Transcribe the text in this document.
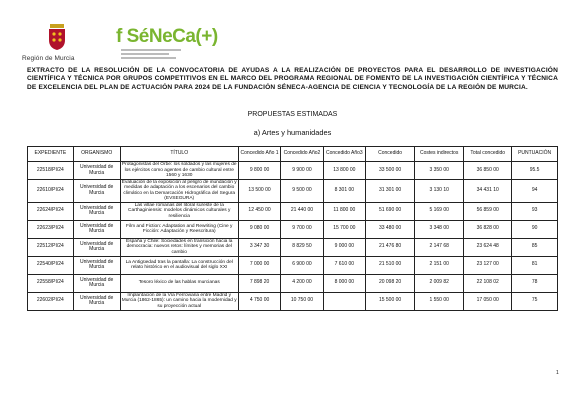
Región de Murcia
f SéNeCa(+)
EXTRACTO DE LA RESOLUCIÓN DE LA CONVOCATORIA DE AYUDAS A LA REALIZACIÓN DE PROYECTOS PARA EL DESARROLLO DE INVESTIGACIÓN CIENTÍFICA Y TÉCNICA POR GRUPOS COMPETITIVOS EN EL MARCO DEL PROGRAMA REGIONAL DE FOMENTO DE LA INVESTIGACIÓN CIENTÍFICA Y TÉCNICA DE EXCELENCIA DEL PLAN DE ACTUACIÓN PARA 2024 DE LA FUNDACIÓN SÉNECA-AGENCIA DE CIENCIA Y TECNOLOGÍA DE LA REGIÓN DE MURCIA.
PROPUESTAS ESTIMADAS
a) Artes y humanidades
EXPEDIENTE	ORGANISMO	TÍTULO	Concedido Año 1	Concedido Año2	Concedido Año3	Concedido	Costes indirectos	Total concedido	PUNTUACIÓN
22518/PI/24	Universidad de Murcia	Protagonistas del Orbe: los soldados y las mujeres de los ejércitos como agentes de cambio cultural entre 1560 y 1630	9 800 00	9 900 00	13 800 00	33 500 00	3 350 00	36 850 00	95.5
22610/PI/24	Universidad de Murcia	Evaluación de la exposición al peligro de inundación y medidas de adaptación a los escenarios del cambio climático en la Demarcación Hidrográfica del Segura (EVSEGURA)	13 500 00	9 500 00	8 301 00	31 301 00	3 130 10	34 431 10	94
22624/PI/24	Universidad de Murcia	Las villae romanas del litoral sureste de la Carthaginiensis: modelos dinámicos culturales y resiliencia	12 450 00	21 440 00	11 800 00	51 690 00	5 169 00	56 859 00	93
22623/PI/24	Universidad de Murcia	Film and Fiction: Adaptation and Rewriting (Cine y Ficción: Adaptación y Reescritura)	9 080 00	9 700 00	15 700 00	33 480 00	3 348 00	36 828 00	90
22512/PI/24	Universidad de Murcia	España y Chile: Sociedades en transición hacia la democracia: nuevos retos: límites y memorias del cambio	3 347 30	8 829 50	9 000 00	21 476 80	2 147 68	23 624 48	85
22540/PI/24	Universidad de Murcia	La Antigüedad tras la pantalla: La construcción del relato histórico en el audiovisual del siglo XXI	7 000 00	6 900 00	7 610 00	21 510 00	2 151 00	23 127 00	81
22558/PI/24	Universidad de Murcia	Tesoro léxico de las hablas murcianas	7 898 20	4 200 00	8 000 00	20 098 20	2 009 82	22 108 02	78
22602/PI/24	Universidad de Murcia	Implantación de la Vía Ferroviaria entre Madrid y Murcia (1862-1865): un camino hacia la modernidad y su proyección actual	4 750 00	10 750 00		15 500 00	1 550 00	17 050 00	75
1
